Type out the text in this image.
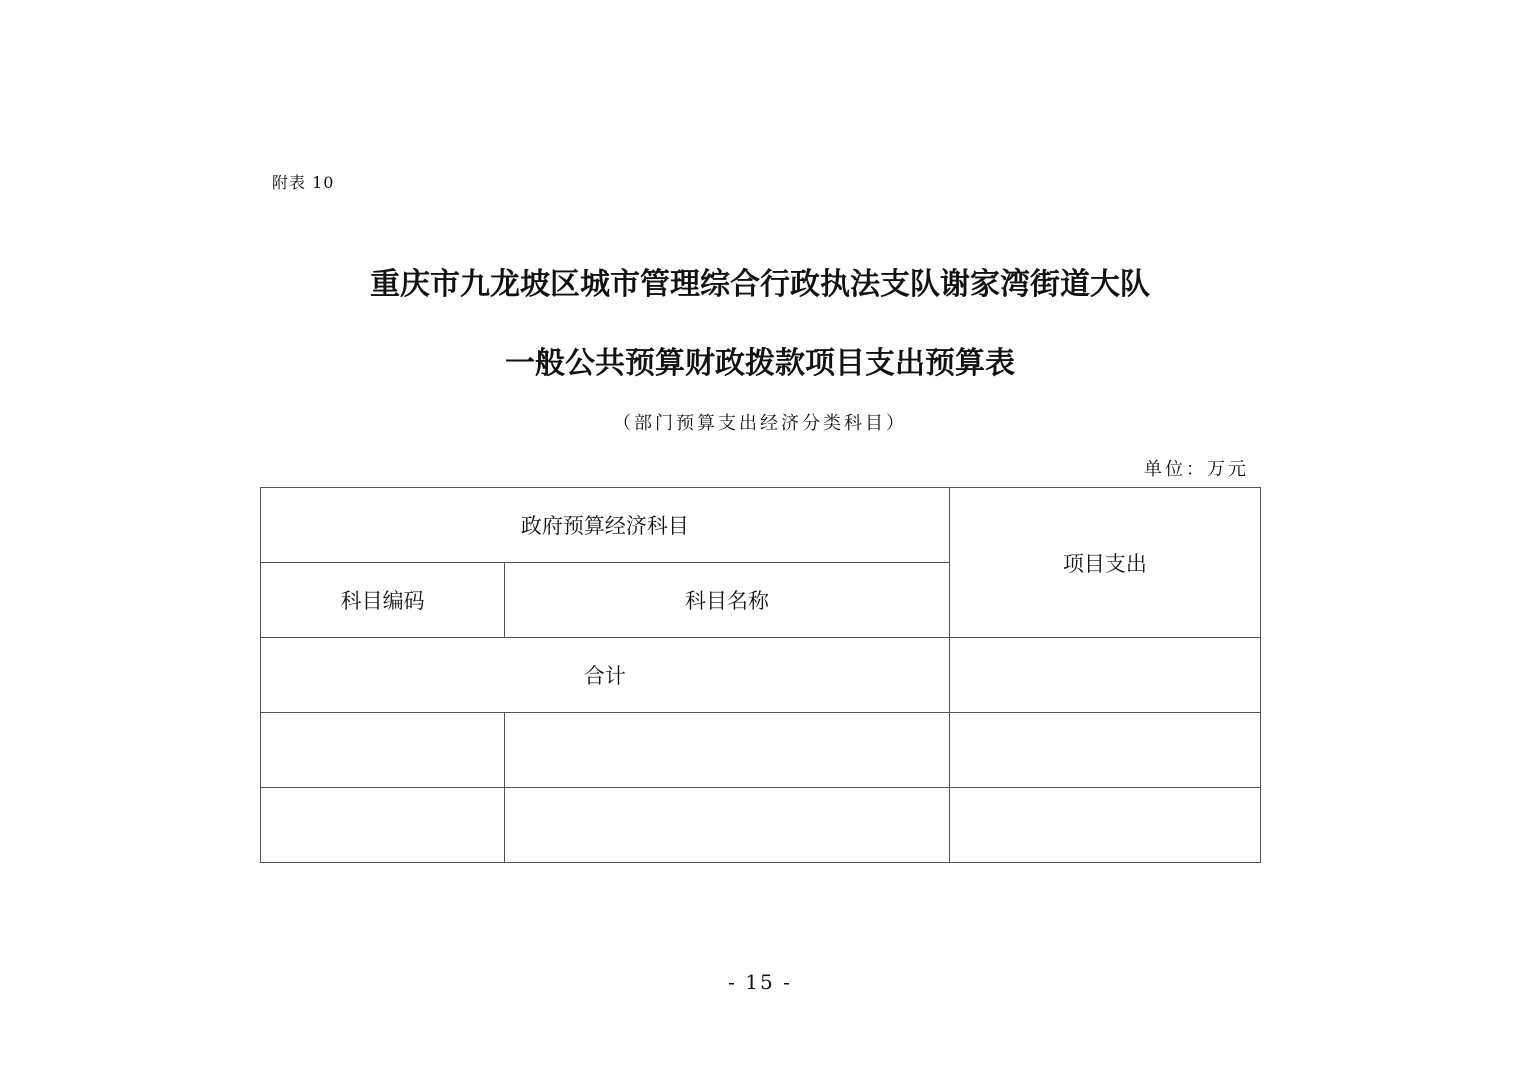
附表 10
重庆市九龙坡区城市管理综合行政执法支队谢家湾街道大队
一般公共预算财政拨款项目支出预算表
（部门预算支出经济分类科目）
单位：万元
政府预算经济科目		项目支出
科目编码	科目名称	
合计		

- 15 -
